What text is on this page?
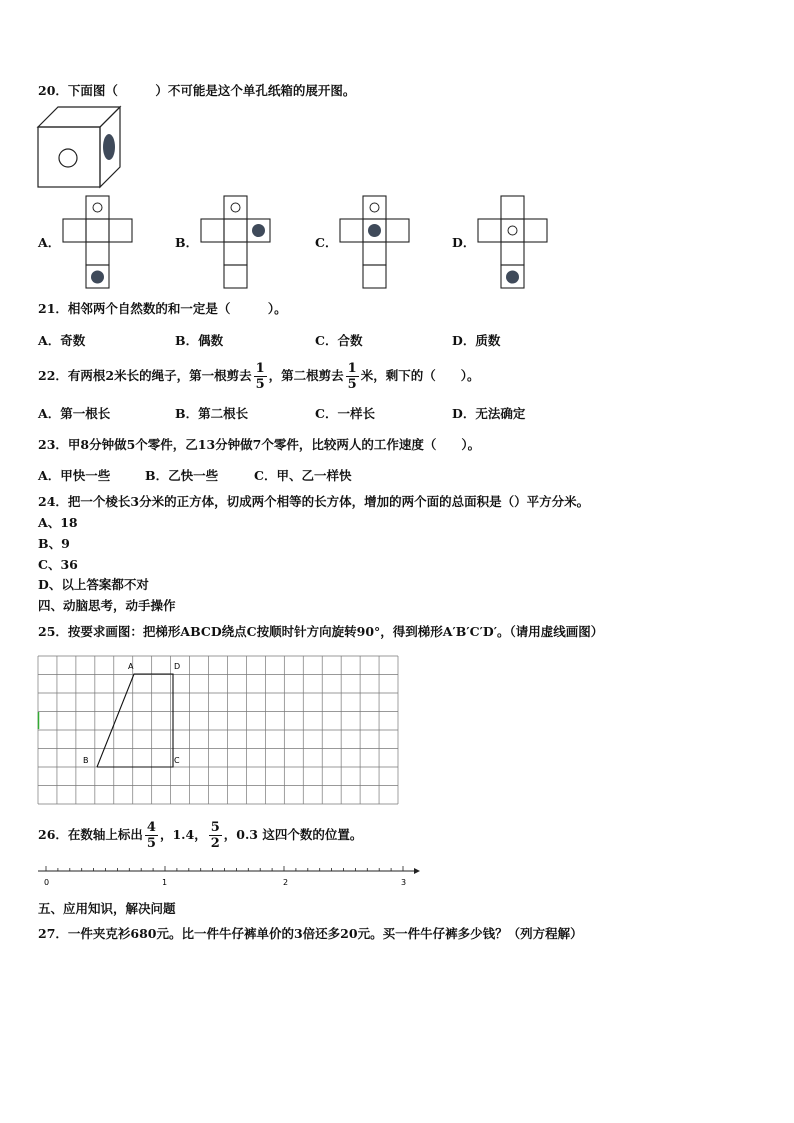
20．下面图（　　　）不可能是这个单孔纸箱的展开图。
A．	B．	C．	D．
21．相邻两个自然数的和一定是（　　　）。
A．奇数	B．偶数	C．合数	D．质数
22．有两根2米长的绳子，第一根剪去 $\frac{1}{5}$ ，第二根剪去 $\frac{1}{5}$ 米，剩下的（　　）。
A．第一根长	B．第二根长	C．一样长	D．无法确定
23．甲8分钟做5个零件，乙13分钟做7个零件，比较两人的工作速度（　　）。
A．甲快一些	B．乙快一些	C．甲、乙一样快
24．把一个棱长3分米的正方体，切成两个相等的长方体，增加的两个面的总面积是（）平方分米。
A、18
B、9
C、36
D、以上答案都不对
四、动脑思考，动手操作
25．按要求画图：把梯形ABCD绕点C按顺时针方向旋转90°，得到梯形A′B′C′D′。（请用虚线画图）
A	D
B	C
26．在数轴上标出 $\frac{4}{5}$ ，1.4， $\frac{5}{2}$ ，0.3 这四个数的位置。
0	1	2	3
五、应用知识，解决问题
27．一件夹克衫680元。比一件牛仔裤单价的3倍还多20元。买一件牛仔裤多少钱？（列方程解）
